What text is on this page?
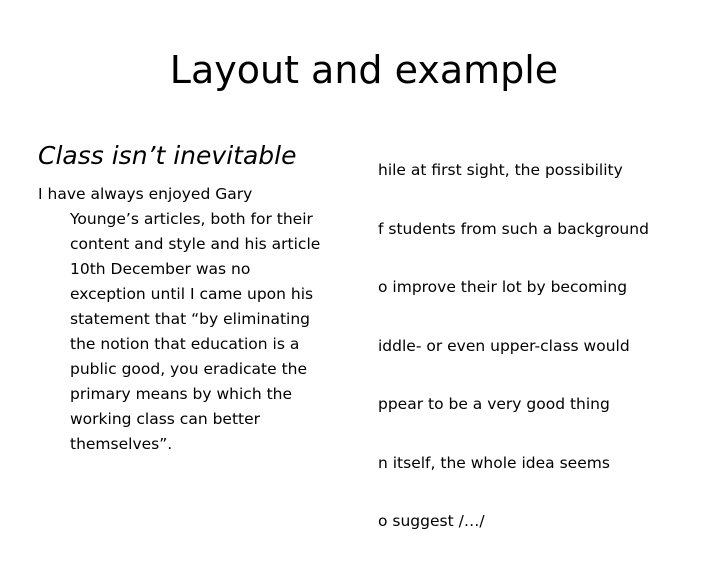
Layout and example
Class isn’t inevitable

I have always enjoyed Gary
Younge’s articles, both for their
content and style and his article
10th December was no
exception until I came upon his
statement that “by eliminating
the notion that education is a
public good, you eradicate the
primary means by which the
working class can better
themselves”.

hile at first sight, the possibility
f students from such a background
o improve their lot by becoming
iddle- or even upper-class would
ppear to be a very good thing
n itself, the whole idea seems
o suggest /…/
